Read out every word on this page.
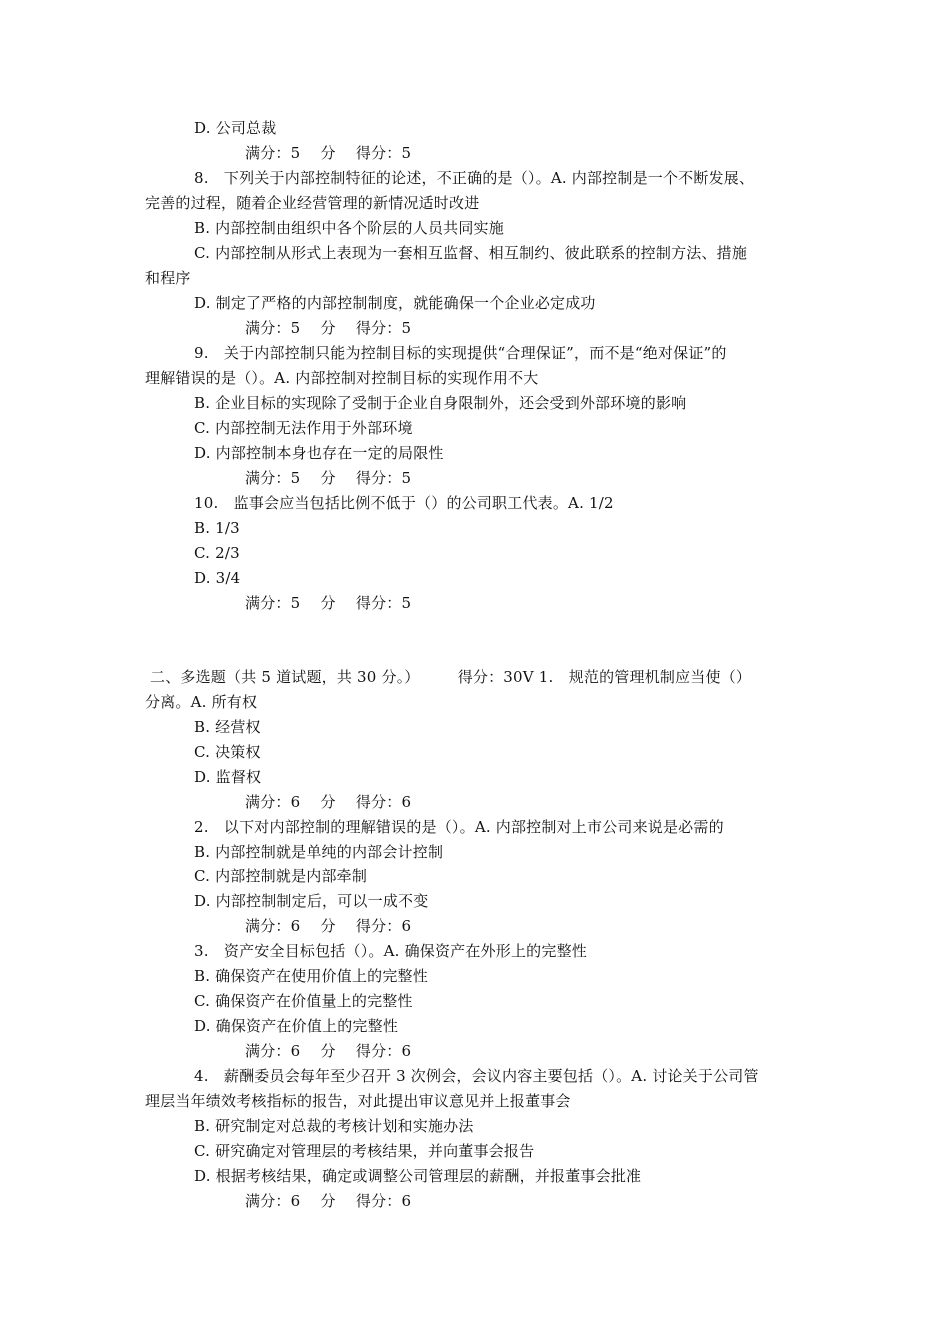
D. 公司总裁
满分：5　 分　 得分：5
8.　下列关于内部控制特征的论述，不正确的是（）。A. 内部控制是一个不断发展、
完善的过程，随着企业经营管理的新情况适时改进
B. 内部控制由组织中各个阶层的人员共同实施
C. 内部控制从形式上表现为一套相互监督、相互制约、彼此联系的控制方法、措施
和程序
D. 制定了严格的内部控制制度，就能确保一个企业必定成功
满分：5　 分　 得分：5
9.　关于内部控制只能为控制目标的实现提供“合理保证”，而不是“绝对保证”的
理解错误的是（）。A. 内部控制对控制目标的实现作用不大
B. 企业目标的实现除了受制于企业自身限制外，还会受到外部环境的影响
C. 内部控制无法作用于外部环境
D. 内部控制本身也存在一定的局限性
满分：5　 分　 得分：5
10.　监事会应当包括比例不低于（）的公司职工代表。A. 1/2
B. 1/3
C. 2/3
D. 3/4
满分：5　 分　 得分：5
二、多选题（共 5 道试题，共 30 分。）　　　得分：30V 1.　规范的管理机制应当使（）
分离。A. 所有权
B. 经营权
C. 决策权
D. 监督权
满分：6　 分　 得分：6
2.　以下对内部控制的理解错误的是（）。A. 内部控制对上市公司来说是必需的
B. 内部控制就是单纯的内部会计控制
C. 内部控制就是内部牵制
D. 内部控制制定后，可以一成不变
满分：6　 分　 得分：6
3.　资产安全目标包括（）。A. 确保资产在外形上的完整性
B. 确保资产在使用价值上的完整性
C. 确保资产在价值量上的完整性
D. 确保资产在价值上的完整性
满分：6　 分　 得分：6
4.　薪酬委员会每年至少召开 3 次例会，会议内容主要包括（）。A. 讨论关于公司管
理层当年绩效考核指标的报告，对此提出审议意见并上报董事会
B. 研究制定对总裁的考核计划和实施办法
C. 研究确定对管理层的考核结果，并向董事会报告
D. 根据考核结果，确定或调整公司管理层的薪酬，并报董事会批准
满分：6　 分　 得分：6
